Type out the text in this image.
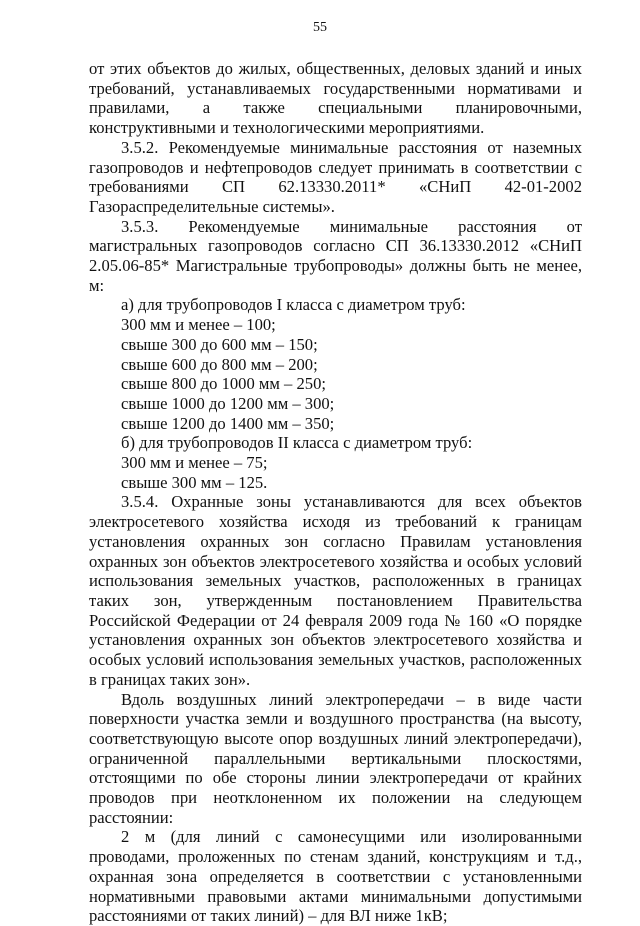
55

от этих объектов до жилых, общественных, деловых зданий и иных требований, устанавливаемых государственными нормативами и правилами, а также специальными планировочными, конструктивными и технологическими мероприятиями.

3.5.2. Рекомендуемые минимальные расстояния от наземных газопроводов и нефтепроводов следует принимать в соответствии с требованиями СП 62.13330.2011* «СНиП 42-01-2002 Газораспределительные системы».

3.5.3. Рекомендуемые минимальные расстояния от магистральных газопроводов согласно СП 36.13330.2012 «СНиП 2.05.06-85* Магистральные трубопроводы» должны быть не менее, м:

а) для трубопроводов I класса с диаметром труб:

300 мм и менее – 100;

свыше 300 до 600 мм – 150;

свыше 600 до 800 мм – 200;

свыше 800 до 1000 мм – 250;

свыше 1000 до 1200 мм – 300;

свыше 1200 до 1400 мм – 350;

б) для трубопроводов II класса с диаметром труб:

300 мм и менее – 75;

свыше 300 мм – 125.

3.5.4. Охранные зоны устанавливаются для всех объектов электросетевого хозяйства исходя из требований к границам установления охранных зон согласно Правилам установления охранных зон объектов электросетевого хозяйства и особых условий использования земельных участков, расположенных в границах таких зон, утвержденным постановлением Правительства Российской Федерации от 24 февраля 2009 года № 160 «О порядке установления охранных зон объектов электросетевого хозяйства и особых условий использования земельных участков, расположенных в границах таких зон».

Вдоль воздушных линий электропередачи – в виде части поверхности участка земли и воздушного пространства (на высоту, соответствующую высоте опор воздушных линий электропередачи), ограниченной параллельными вертикальными плоскостями, отстоящими по обе стороны линии электропередачи от крайних проводов при неотклоненном их положении на следующем расстоянии:

2 м (для линий с самонесущими или изолированными проводами, проложенных по стенам зданий, конструкциям и т.д., охранная зона определяется в соответствии с установленными нормативными правовыми актами минимальными допустимыми расстояниями от таких линий) – для ВЛ ниже 1кВ;
